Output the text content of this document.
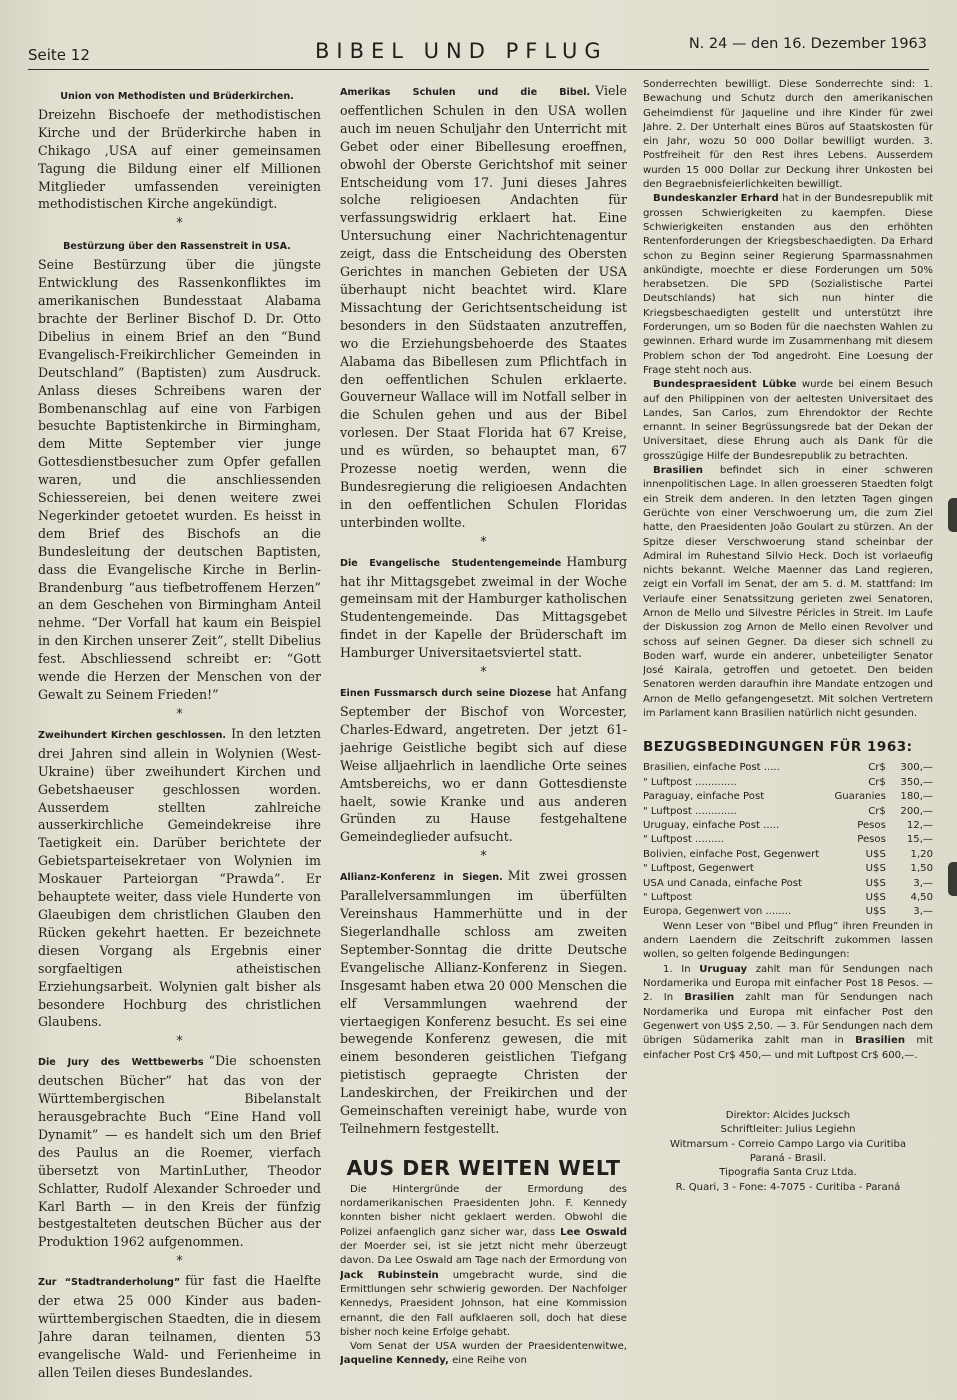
Seite 12	BIBEL UND PFLUG	N. 24 — den 16. Dezember 1963
Union von Methodisten und Brüderkirchen.
Dreizehn Bischoefe der methodistischen Kirche und der Brüderkirche haben in Chikago ‚USA auf einer gemeinsamen Tagung die Bildung einer elf Millionen Mitglieder umfassenden vereinigten methodistischen Kirche angekündigt.
*
Bestürzung über den Rassenstreit in USA.
Seine Bestürzung über die jüngste Entwicklung des Rassenkonfliktes im amerikanischen Bundesstaat Alabama brachte der Berliner Bischof D. Dr. Otto Dibelius in einem Brief an den “Bund Evangelisch-Freikirchlicher Gemeinden in Deutschland” (Baptisten) zum Ausdruck. Anlass dieses Schreibens waren der Bombenanschlag auf eine von Farbigen besuchte Baptistenkirche in Birmingham, dem Mitte September vier junge Gottesdienstbesucher zum Opfer gefallen waren, und die anschliessenden Schiessereien, bei denen weitere zwei Negerkinder getoetet wurden. Es heisst in dem Brief des Bischofs an die Bundesleitung der deutschen Baptisten, dass die Evangelische Kirche in Berlin-Brandenburg “aus tiefbetroffenem Herzen” an dem Geschehen von Birmingham Anteil nehme. “Der Vorfall hat kaum ein Beispiel in den Kirchen unserer Zeit”, stellt Dibelius fest. Abschliessend schreibt er: “Gott wende die Herzen der Menschen von der Gewalt zu Seinem Frieden!”
*
Zweihundert Kirchen geschlossen. In den letzten drei Jahren sind allein in Wolynien (West-Ukraine) über zweihundert Kirchen und Gebetshaeuser geschlossen worden. Ausserdem stellten zahlreiche ausserkirchliche Gemeindekreise ihre Taetigkeit ein. Darüber berichtete der Gebietsparteisekretaer von Wolynien im Moskauer Parteiorgan “Prawda”. Er behauptete weiter, dass viele Hunderte von Glaeubigen dem christlichen Glauben den Rücken gekehrt haetten. Er bezeichnete diesen Vorgang als Ergebnis einer sorgfaeltigen atheistischen Erziehungsarbeit. Wolynien galt bisher als besondere Hochburg des christlichen Glaubens.
*
Die Jury des Wettbewerbs “Die schoensten deutschen Bücher” hat das von der Württembergischen Bibelanstalt herausgebrachte Buch “Eine Hand voll Dynamit” — es handelt sich um den Brief des Paulus an die Roemer, vierfach übersetzt von MartinLuther, Theodor Schlatter, Rudolf Alexander Schroeder und Karl Barth — in den Kreis der fünfzig bestgestalteten deutschen Bücher aus der Produktion 1962 aufgenommen.
*
Zur “Stadtranderholung” für fast die Haelfte der etwa 25 000 Kinder aus baden-württembergischen Staedten, die in diesem Jahre daran teilnamen, dienten 53 evangelische Wald- und Ferienheime in allen Teilen dieses Bundeslandes.
Amerikas Schulen und die Bibel. Viele oeffentlichen Schulen in den USA wollen auch im neuen Schuljahr den Unterricht mit Gebet oder einer Bibellesung eroeffnen, obwohl der Oberste Gerichtshof mit seiner Entscheidung vom 17. Juni dieses Jahres solche religioesen Andachten für verfassungswidrig erklaert hat. Eine Untersuchung einer Nachrichtenagentur zeigt, dass die Entscheidung des Obersten Gerichtes in manchen Gebieten der USA überhaupt nicht beachtet wird. Klare Missachtung der Gerichtsentscheidung ist besonders in den Südstaaten anzutreffen, wo die Erziehungsbehoerde des Staates Alabama das Bibellesen zum Pflichtfach in den oeffentlichen Schulen erklaerte. Gouverneur Wallace will im Notfall selber in die Schulen gehen und aus der Bibel vorlesen. Der Staat Florida hat 67 Kreise, und es würden, so behauptet man, 67 Prozesse noetig werden, wenn die Bundesregierung die religioesen Andachten in den oeffentlichen Schulen Floridas unterbinden wollte.
*
Die Evangelische Studentengemeinde Hamburg hat ihr Mittagsgebet zweimal in der Woche gemeinsam mit der Hamburger katholischen Studentengemeinde. Das Mittagsgebet findet in der Kapelle der Brüderschaft im Hamburger Universitaetsviertel statt.
*
Einen Fussmarsch durch seine Diozese hat Anfang September der Bischof von Worcester, Charles-Edward, angetreten. Der jetzt 61-jaehrige Geistliche begibt sich auf diese Weise alljaehrlich in laendliche Orte seines Amtsbereichs, wo er dann Gottesdienste haelt, sowie Kranke und aus anderen Gründen zu Hause festgehaltene Gemeindeglieder aufsucht.
*
Allianz-Konferenz in Siegen. Mit zwei grossen Parallelversammlungen im überfülten Vereinshaus Hammerhütte und in der Siegerlandhalle schloss am zweiten September-Sonntag die dritte Deutsche Evangelische Allianz-Konferenz in Siegen. Insgesamt haben etwa 20 000 Menschen die elf Versammlungen waehrend der viertaegigen Konferenz besucht. Es sei eine bewegende Konferenz gewesen, die mit einem besonderen geistlichen Tiefgang pietistisch gepraegte Christen der Landeskirchen, der Freikirchen und der Gemeinschaften vereinigt habe, wurde von Teilnehmern festgestellt.
AUS DER WEITEN WELT
Die Hintergründe der Ermordung des nordamerikanischen Praesidenten John. F. Kennedy konnten bisher nicht geklaert werden. Obwohl die Polizei anfaenglich ganz sicher war, dass Lee Oswald der Moerder sei, ist sie jetzt nicht mehr überzeugt davon. Da Lee Oswald am Tage nach der Ermordung von Jack Rubinstein umgebracht wurde, sind die Ermittlungen sehr schwierig geworden. Der Nachfolger Kennedys, Praesident Johnson, hat eine Kommission ernannt, die den Fall aufklaeren soll, doch hat diese bisher noch keine Erfolge gehabt.
Vom Senat der USA wurden der Praesidentenwitwe, Jaqueline Kennedy, eine Reihe von
Sonderrechten bewilligt. Diese Sonderrechte sind: 1. Bewachung und Schutz durch den amerikanischen Geheimdienst für Jaqueline und ihre Kinder für zwei Jahre. 2. Der Unterhalt eines Büros auf Staatskosten für ein Jahr, wozu 50 000 Dollar bewilligt wurden. 3. Postfreiheit für den Rest ihres Lebens. Ausserdem wurden 15 000 Dollar zur Deckung ihrer Unkosten bei den Begraebnisfeierlichkeiten bewilligt.
Bundeskanzler Erhard hat in der Bundesrepublik mit grossen Schwierigkeiten zu kaempfen. Diese Schwierigkeiten enstanden aus den erhöhten Rentenforderungen der Kriegsbeschaedigten. Da Erhard schon zu Beginn seiner Regierung Sparmassnahmen ankündigte, moechte er diese Forderungen um 50% herabsetzen. Die SPD (Sozialistische Partei Deutschlands) hat sich nun hinter die Kriegsbeschaedigten gestellt und unterstützt ihre Forderungen, um so Boden für die naechsten Wahlen zu gewinnen. Erhard wurde im Zusammenhang mit diesem Problem schon der Tod angedroht. Eine Loesung der Frage steht noch aus.
Bundespraesident Lübke wurde bei einem Besuch auf den Philippinen von der aeltesten Universitaet des Landes, San Carlos, zum Ehrendoktor der Rechte ernannt. In seiner Begrüssungsrede bat der Dekan der Universitaet, diese Ehrung auch als Dank für die grosszügige Hilfe der Bundesrepublik zu betrachten.
Brasilien befindet sich in einer schweren innenpolitischen Lage. In allen groesseren Staedten folgt ein Streik dem anderen. In den letzten Tagen gingen Gerüchte von einer Verschwoerung um, die zum Ziel hatte, den Praesidenten João Goulart zu stürzen. An der Spitze dieser Verschwoerung stand scheinbar der Admiral im Ruhestand Silvio Heck. Doch ist vorlaeufig nichts bekannt. Welche Maenner das Land regieren, zeigt ein Vorfall im Senat, der am 5. d. M. stattfand: Im Verlaufe einer Senatssitzung gerieten zwei Senatoren, Arnon de Mello und Silvestre Péricles in Streit. Im Laufe der Diskussion zog Arnon de Mello einen Revolver und schoss auf seinen Gegner. Da dieser sich schnell zu Boden warf, wurde ein anderer, unbeteiligter Senator José Kairala, getroffen und getoetet. Den beiden Senatoren werden daraufhin ihre Mandate entzogen und Arnon de Mello gefangengesetzt. Mit solchen Vertretern im Parlament kann Brasilien natürlich nicht gesunden.
BEZUGSBEDINGUNGEN FÜR 1963:
Brasilien, einfache Post .....	Cr$	300,—
" Luftpost .............	Cr$	350,—
Paraguay, einfache Post	Guaranies	180,—
" Luftpost .............	Cr$	200,—
Uruguay, einfache Post .....	Pesos	12,—
" Luftpost .........	Pesos	15,—
Bolivien, einfache Post, Gegenwert	U$S	1,20
" Luftpost, Gegenwert	U$S	1,50
USA und Canada, einfache Post	U$S	3,—
" Luftpost	U$S	4,50
Europa, Gegenwert von ........	U$S	3,—
Wenn Leser von “Bibel und Pflug” ihren Freunden in andern Laendern die Zeitschrift zukommen lassen wollen, so gelten folgende Bedingungen:
1. In Uruguay zahlt man für Sendungen nach Nordamerika und Europa mit einfacher Post 18 Pesos. — 2. In Brasilien zahlt man für Sendungen nach Nordamerika und Europa mit einfacher Post den Gegenwert von U$S 2,50. — 3. Für Sendungen nach dem übrigen Südamerika zahlt man in Brasilien mit einfacher Post Cr$ 450,— und mit Luftpost Cr$ 600,—.
Direktor: Alcides Jucksch
Schriftleiter: Julius Legiehn
Witmarsum - Correio Campo Largo via Curitiba
Paraná - Brasil.
Tipografia Santa Cruz Ltda.
R. Quari, 3 - Fone: 4-7075 - Curitiba - Paraná
